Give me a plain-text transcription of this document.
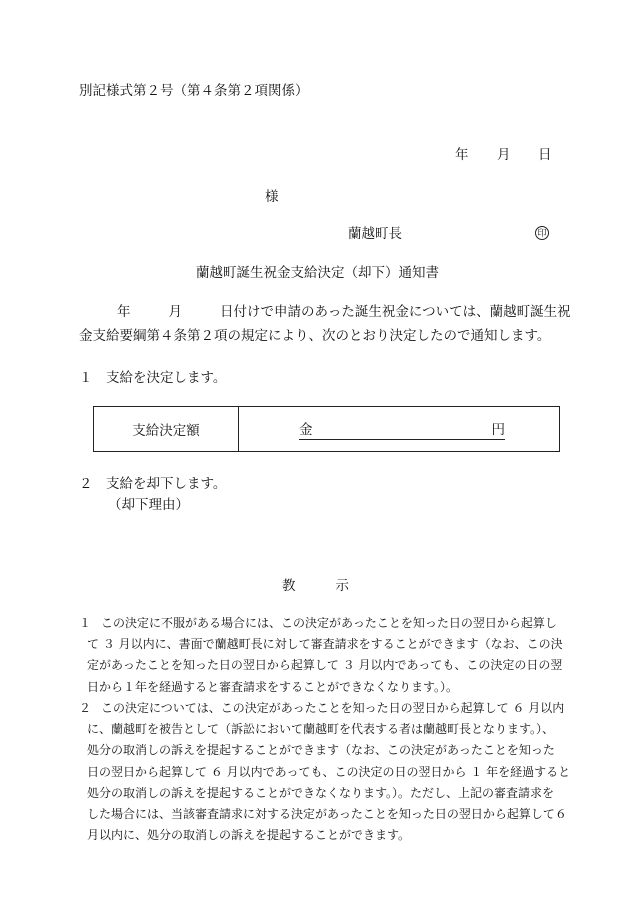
別記様式第２号（第４条第２項関係）
年 月 日
様
蘭越町長	印
蘭越町誕生祝金支給決定（却下）通知書
年	月	日付けで申請のあった誕生祝金については、蘭越町誕生祝
金支給要綱第４条第２項の規定により、次のとおり決定したので通知します。
１　支給を決定します。
支給決定額	金	円
２　支給を却下します。
（却下理由）
教	示
１ この決定に不服がある場合には、この決定があったことを知った日の翌日から起算し
て ３ 月以内に、書面で蘭越町長に対して審査請求をすることができます（なお、この決
定があったことを知った日の翌日から起算して ３ 月以内であっても、この決定の日の翌
日から１年を経過すると審査請求をすることができなくなります。）。
２ この決定については、この決定があったことを知った日の翌日から起算して ６ 月以内
に、蘭越町を被告として（訴訟において蘭越町を代表する者は蘭越町長となります。）、
処分の取消しの訴えを提起することができます（なお、この決定があったことを知った
日の翌日から起算して ６ 月以内であっても、この決定の日の翌日から １ 年を経過すると
処分の取消しの訴えを提起することができなくなります。）。ただし、上記の審査請求を
した場合には、当該審査請求に対する決定があったことを知った日の翌日から起算して６
月以内に、処分の取消しの訴えを提起することができます。
